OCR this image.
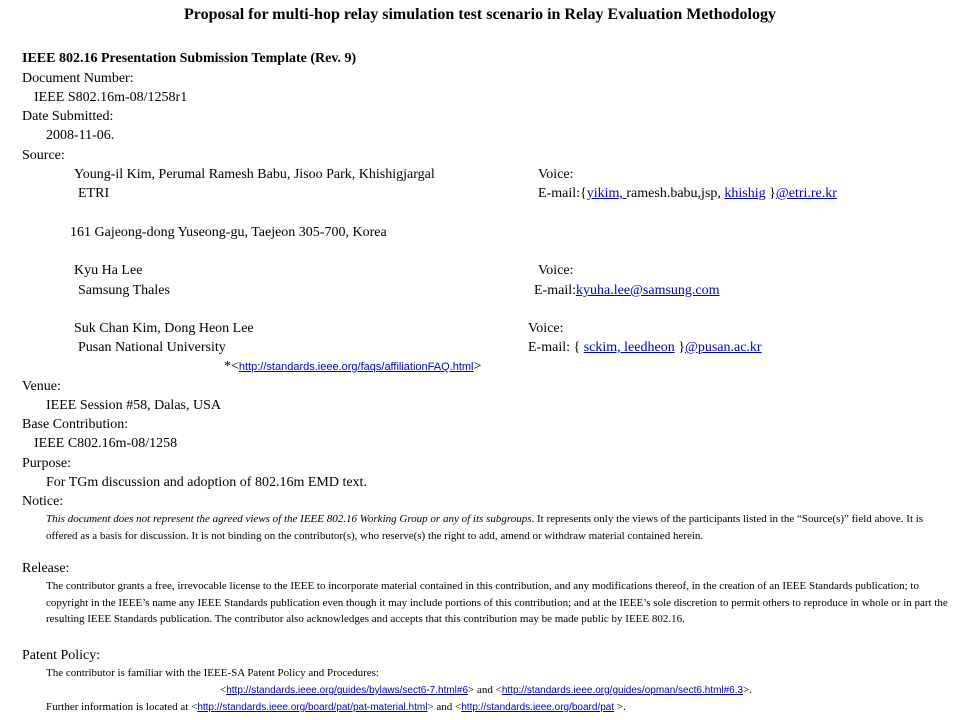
Proposal for multi-hop relay simulation test scenario in Relay Evaluation Methodology
IEEE 802.16 Presentation Submission Template (Rev. 9)
Document Number:
IEEE S802.16m-08/1258r1
Date Submitted:
2008-11-06.
Source:
Young-il Kim, Perumal Ramesh Babu, Jisoo Park, Khishigjargal	Voice:
ETRI	E-mail:{yikim, ramesh.babu,jsp, khishig }@etri.re.kr
161 Gajeong-dong Yuseong-gu, Taejeon 305-700, Korea
Kyu Ha Lee	Voice:
Samsung Thales	E-mail:kyuha.lee@samsung.com
Suk Chan Kim, Dong Heon Lee	Voice:
Pusan National University	E-mail: { sckim, leedheon }@pusan.ac.kr
*<http://standards.ieee.org/faqs/affiliationFAQ.html>
Venue:
IEEE Session #58, Dalas, USA
Base Contribution:
IEEE C802.16m-08/1258
Purpose:
For TGm discussion and adoption of 802.16m EMD text.
Notice:
This document does not represent the agreed views of the IEEE 802.16 Working Group or any of its subgroups. It represents only the views of the participants listed in the “Source(s)” field above. It is offered as a basis for discussion. It is not binding on the contributor(s), who reserve(s) the right to add, amend or withdraw material contained herein.
Release:
The contributor grants a free, irrevocable license to the IEEE to incorporate material contained in this contribution, and any modifications thereof, in the creation of an IEEE Standards publication; to copyright in the IEEE’s name any IEEE Standards publication even though it may include portions of this contribution; and at the IEEE’s sole discretion to permit others to reproduce in whole or in part the resulting IEEE Standards publication. The contributor also acknowledges and accepts that this contribution may be made public by IEEE 802.16.
Patent Policy:
The contributor is familiar with the IEEE-SA Patent Policy and Procedures:
<http://standards.ieee.org/guides/bylaws/sect6-7.html#6> and <http://standards.ieee.org/guides/opman/sect6.html#6.3>.
Further information is located at <http://standards.ieee.org/board/pat/pat-material.html> and <http://standards.ieee.org/board/pat >.
